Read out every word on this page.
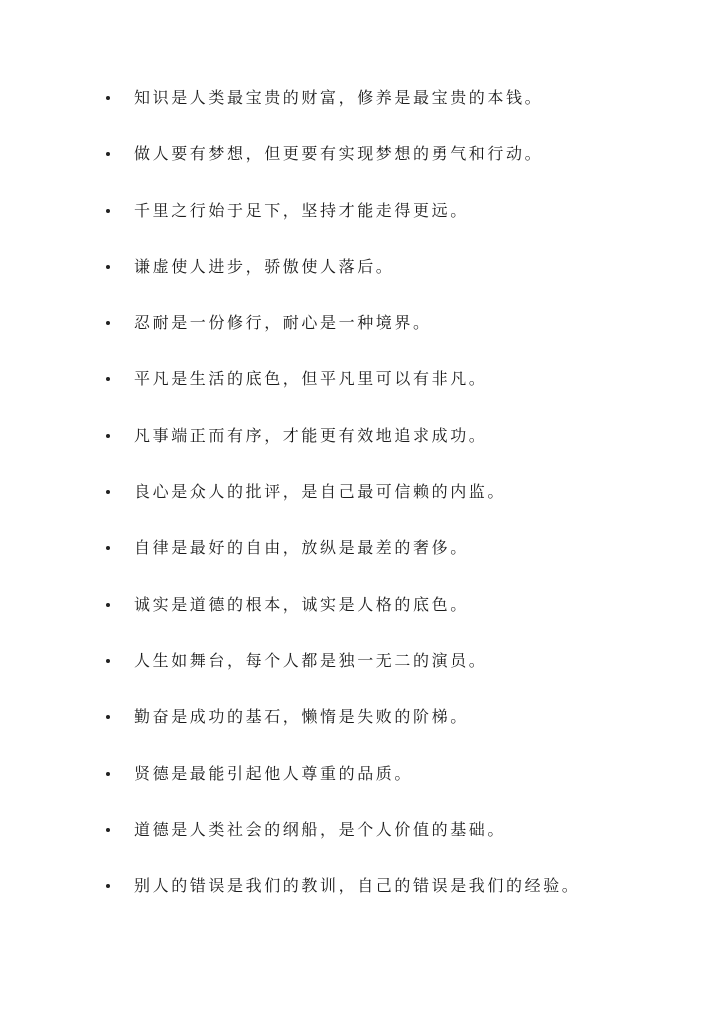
知识是人类最宝贵的财富，修养是最宝贵的本钱。
做人要有梦想，但更要有实现梦想的勇气和行动。
千里之行始于足下，坚持才能走得更远。
谦虚使人进步，骄傲使人落后。
忍耐是一份修行，耐心是一种境界。
平凡是生活的底色，但平凡里可以有非凡。
凡事端正而有序，才能更有效地追求成功。
良心是众人的批评，是自己最可信赖的内监。
自律是最好的自由，放纵是最差的奢侈。
诚实是道德的根本，诚实是人格的底色。
人生如舞台，每个人都是独一无二的演员。
勤奋是成功的基石，懒惰是失败的阶梯。
贤德是最能引起他人尊重的品质。
道德是人类社会的纲船，是个人价值的基础。
别人的错误是我们的教训，自己的错误是我们的经验。
